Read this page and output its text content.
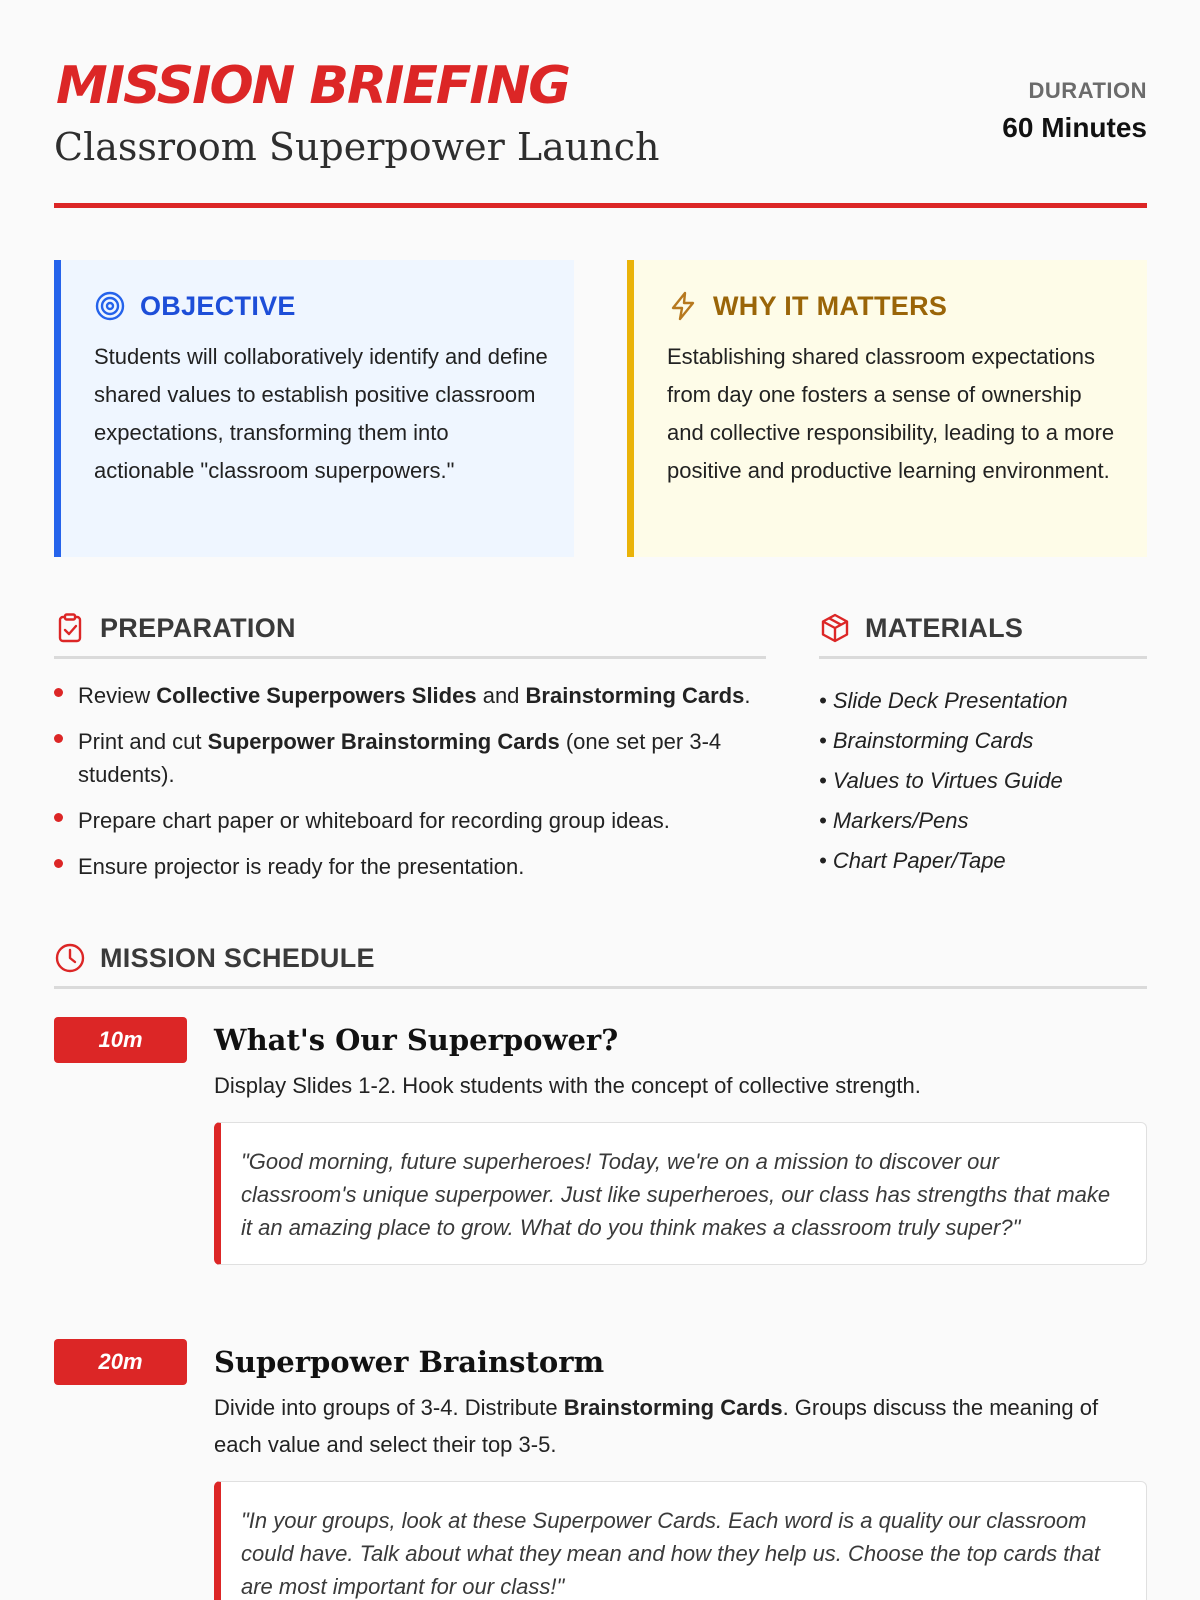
MISSION BRIEFING
Classroom Superpower Launch
DURATION
60 Minutes
OBJECTIVE
Students will collaboratively identify and define shared values to establish positive classroom expectations, transforming them into actionable "classroom superpowers."
WHY IT MATTERS
Establishing shared classroom expectations from day one fosters a sense of ownership and collective responsibility, leading to a more positive and productive learning environment.
PREPARATION
Review Collective Superpowers Slides and Brainstorming Cards.
Print and cut Superpower Brainstorming Cards (one set per 3-4 students).
Prepare chart paper or whiteboard for recording group ideas.
Ensure projector is ready for the presentation.
MATERIALS
• Slide Deck Presentation
• Brainstorming Cards
• Values to Virtues Guide
• Markers/Pens
• Chart Paper/Tape
MISSION SCHEDULE
10m	What's Our Superpower?
Display Slides 1-2. Hook students with the concept of collective strength.
"Good morning, future superheroes! Today, we're on a mission to discover our classroom's unique superpower. Just like superheroes, our class has strengths that make it an amazing place to grow. What do you think makes a classroom truly super?"
20m	Superpower Brainstorm
Divide into groups of 3-4. Distribute Brainstorming Cards. Groups discuss the meaning of each value and select their top 3-5.
"In your groups, look at these Superpower Cards. Each word is a quality our classroom could have. Talk about what they mean and how they help us. Choose the top cards that are most important for our class!"
